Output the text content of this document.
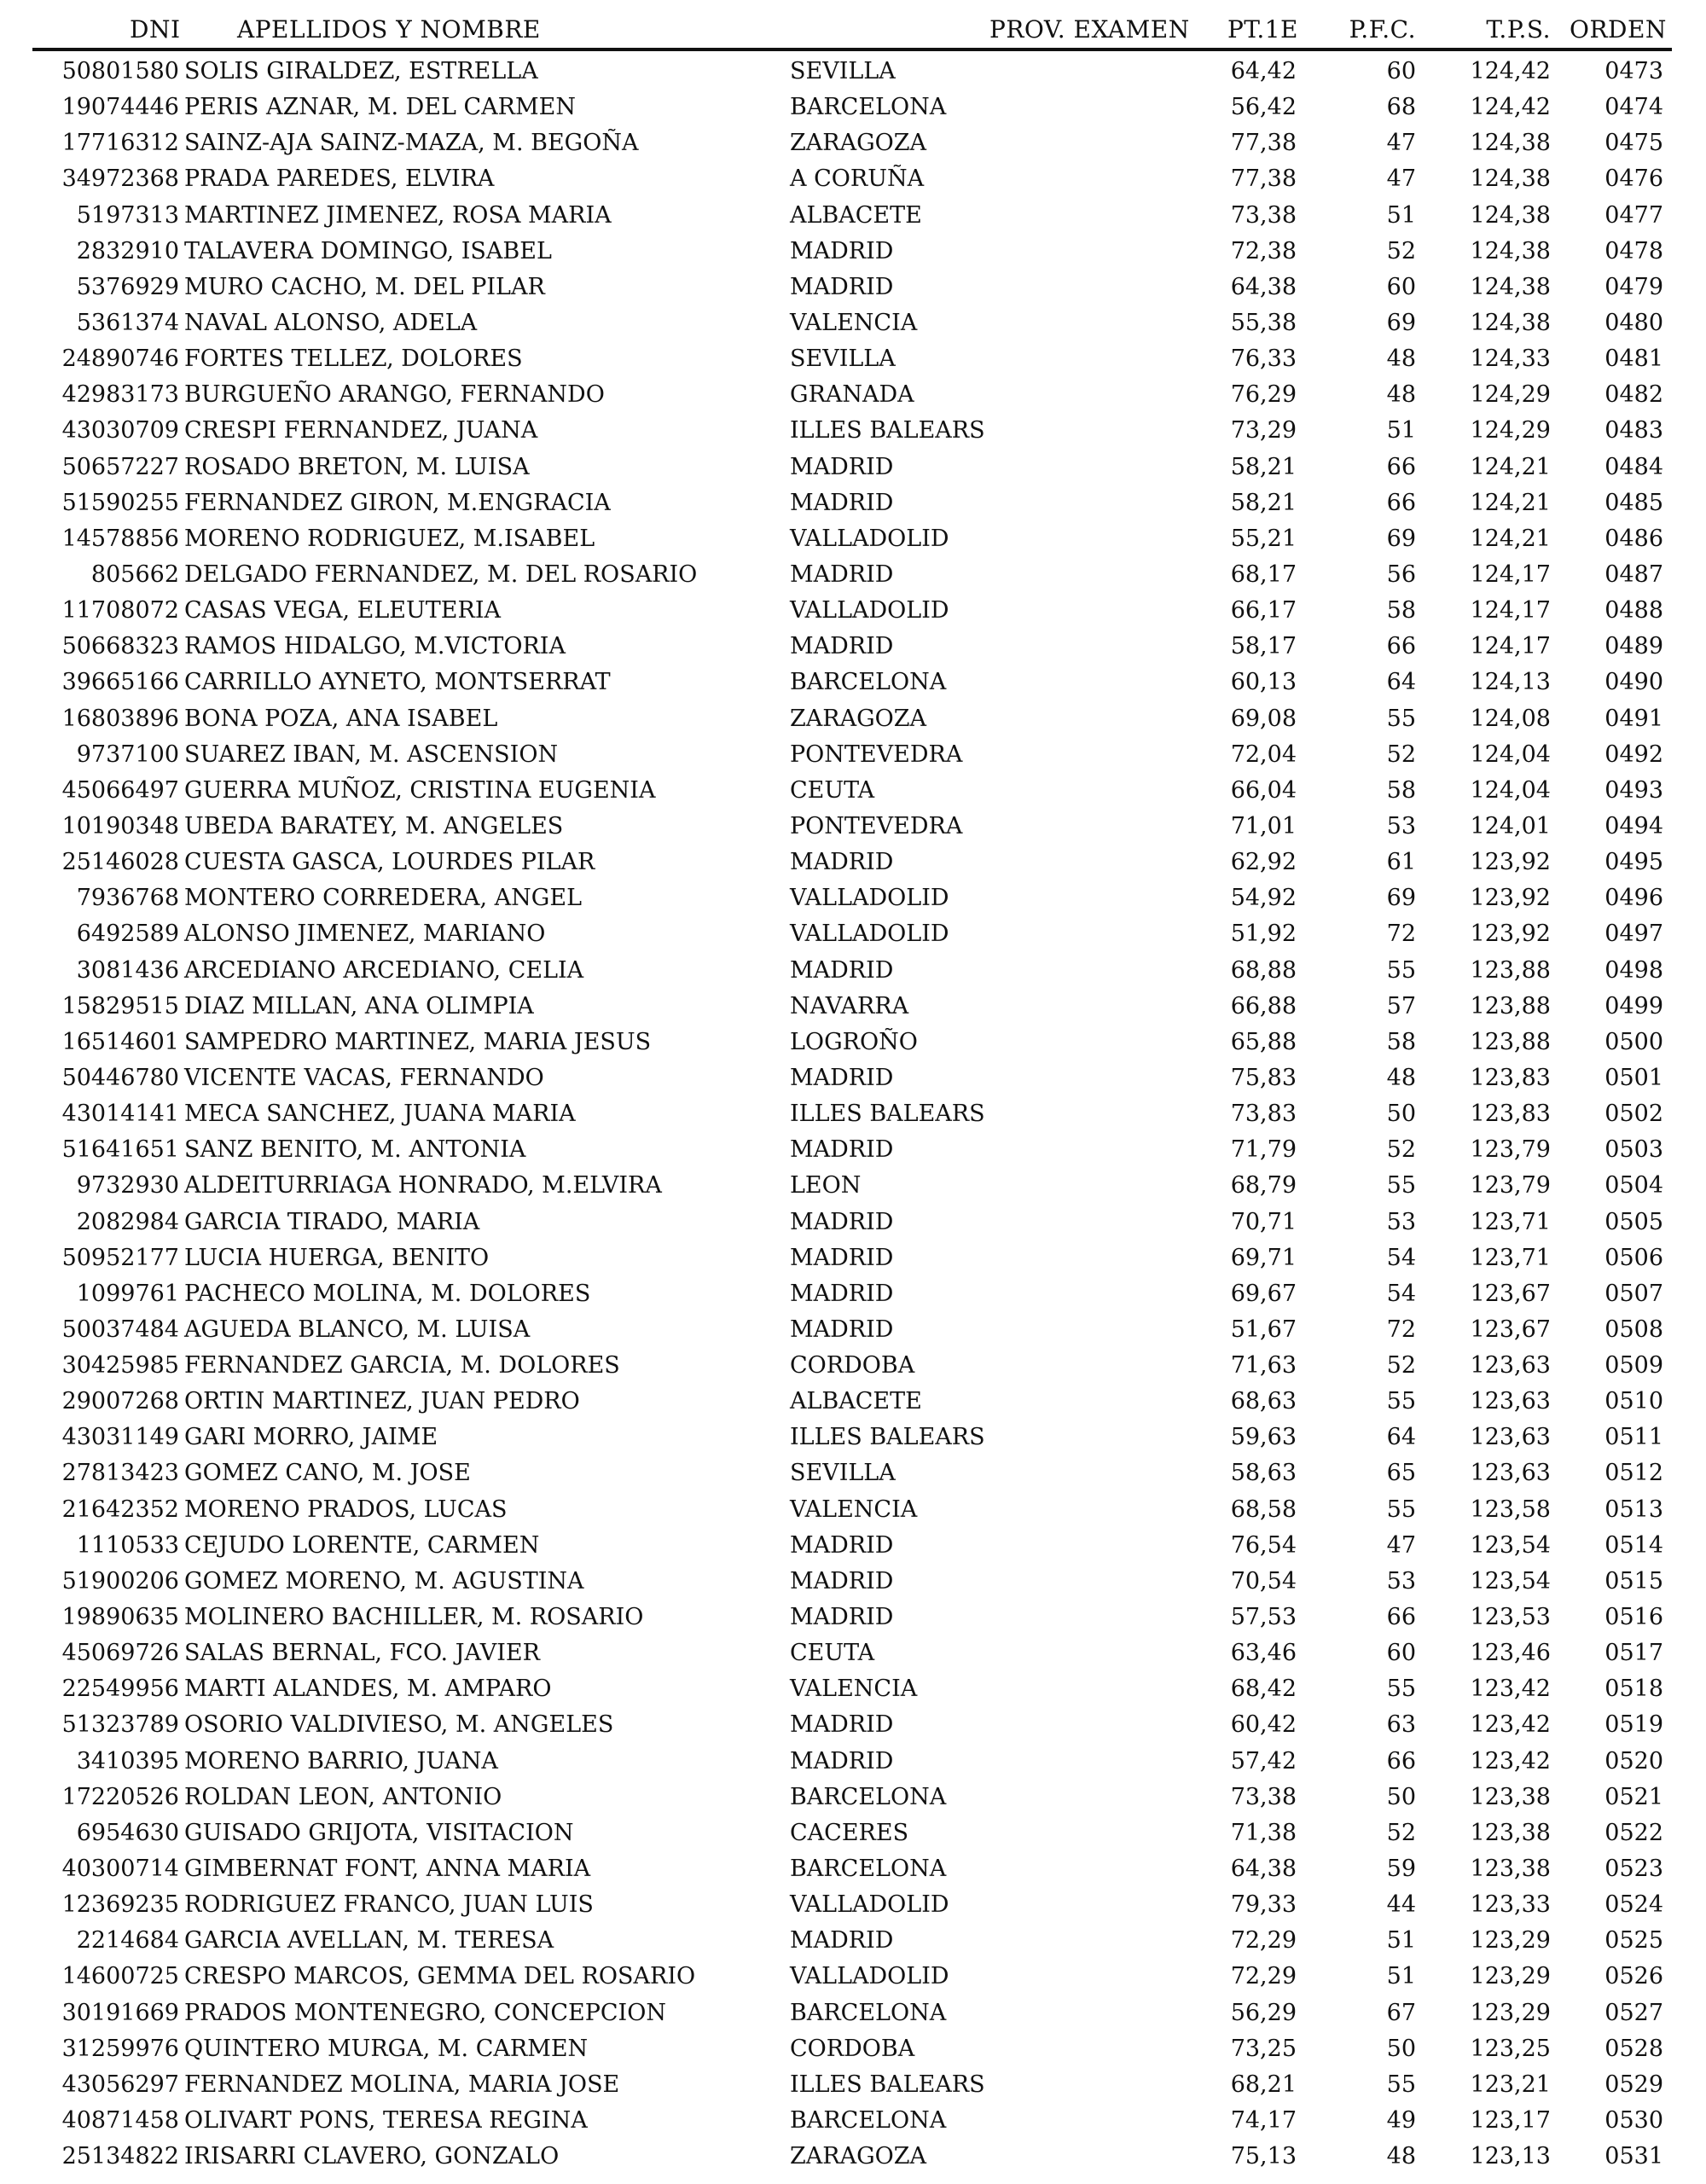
DNI APELLIDOS Y NOMBRE	PROV. EXAMEN PT.1E	P.F.C.	T.P.S. ORDEN
50801580 SOLIS GIRALDEZ, ESTRELLA	SEVILLA	64,42	60	124,42	0473
19074446 PERIS AZNAR, M. DEL CARMEN	BARCELONA	56,42	68	124,42	0474
17716312 SAINZ-AJA SAINZ-MAZA, M. BEGOÑA	ZARAGOZA	77,38	47	124,38	0475
34972368 PRADA PAREDES, ELVIRA	A CORUÑA	77,38	47	124,38	0476
5197313 MARTINEZ JIMENEZ, ROSA MARIA	ALBACETE	73,38	51	124,38	0477
2832910 TALAVERA DOMINGO, ISABEL	MADRID	72,38	52	124,38	0478
5376929 MURO CACHO, M. DEL PILAR	MADRID	64,38	60	124,38	0479
5361374 NAVAL ALONSO, ADELA	VALENCIA	55,38	69	124,38	0480
24890746 FORTES TELLEZ, DOLORES	SEVILLA	76,33	48	124,33	0481
42983173 BURGUEÑO ARANGO, FERNANDO	GRANADA	76,29	48	124,29	0482
43030709 CRESPI FERNANDEZ, JUANA	ILLES BALEARS	73,29	51	124,29	0483
50657227 ROSADO BRETON, M. LUISA	MADRID	58,21	66	124,21	0484
51590255 FERNANDEZ GIRON, M.ENGRACIA	MADRID	58,21	66	124,21	0485
14578856 MORENO RODRIGUEZ, M.ISABEL	VALLADOLID	55,21	69	124,21	0486
805662 DELGADO FERNANDEZ, M. DEL ROSARIO	MADRID	68,17	56	124,17	0487
11708072 CASAS VEGA, ELEUTERIA	VALLADOLID	66,17	58	124,17	0488
50668323 RAMOS HIDALGO, M.VICTORIA	MADRID	58,17	66	124,17	0489
39665166 CARRILLO AYNETO, MONTSERRAT	BARCELONA	60,13	64	124,13	0490
16803896 BONA POZA, ANA ISABEL	ZARAGOZA	69,08	55	124,08	0491
9737100 SUAREZ IBAN, M. ASCENSION	PONTEVEDRA	72,04	52	124,04	0492
45066497 GUERRA MUÑOZ, CRISTINA EUGENIA	CEUTA	66,04	58	124,04	0493
10190348 UBEDA BARATEY, M. ANGELES	PONTEVEDRA	71,01	53	124,01	0494
25146028 CUESTA GASCA, LOURDES PILAR	MADRID	62,92	61	123,92	0495
7936768 MONTERO CORREDERA, ANGEL	VALLADOLID	54,92	69	123,92	0496
6492589 ALONSO JIMENEZ, MARIANO	VALLADOLID	51,92	72	123,92	0497
3081436 ARCEDIANO ARCEDIANO, CELIA	MADRID	68,88	55	123,88	0498
15829515 DIAZ MILLAN, ANA OLIMPIA	NAVARRA	66,88	57	123,88	0499
16514601 SAMPEDRO MARTINEZ, MARIA JESUS	LOGROÑO	65,88	58	123,88	0500
50446780 VICENTE VACAS, FERNANDO	MADRID	75,83	48	123,83	0501
43014141 MECA SANCHEZ, JUANA MARIA	ILLES BALEARS	73,83	50	123,83	0502
51641651 SANZ BENITO, M. ANTONIA	MADRID	71,79	52	123,79	0503
9732930 ALDEITURRIAGA HONRADO, M.ELVIRA	LEON	68,79	55	123,79	0504
2082984 GARCIA TIRADO, MARIA	MADRID	70,71	53	123,71	0505
50952177 LUCIA HUERGA, BENITO	MADRID	69,71	54	123,71	0506
1099761 PACHECO MOLINA, M. DOLORES	MADRID	69,67	54	123,67	0507
50037484 AGUEDA BLANCO, M. LUISA	MADRID	51,67	72	123,67	0508
30425985 FERNANDEZ GARCIA, M. DOLORES	CORDOBA	71,63	52	123,63	0509
29007268 ORTIN MARTINEZ, JUAN PEDRO	ALBACETE	68,63	55	123,63	0510
43031149 GARI MORRO, JAIME	ILLES BALEARS	59,63	64	123,63	0511
27813423 GOMEZ CANO, M. JOSE	SEVILLA	58,63	65	123,63	0512
21642352 MORENO PRADOS, LUCAS	VALENCIA	68,58	55	123,58	0513
1110533 CEJUDO LORENTE, CARMEN	MADRID	76,54	47	123,54	0514
51900206 GOMEZ MORENO, M. AGUSTINA	MADRID	70,54	53	123,54	0515
19890635 MOLINERO BACHILLER, M. ROSARIO	MADRID	57,53	66	123,53	0516
45069726 SALAS BERNAL, FCO. JAVIER	CEUTA	63,46	60	123,46	0517
22549956 MARTI ALANDES, M. AMPARO	VALENCIA	68,42	55	123,42	0518
51323789 OSORIO VALDIVIESO, M. ANGELES	MADRID	60,42	63	123,42	0519
3410395 MORENO BARRIO, JUANA	MADRID	57,42	66	123,42	0520
17220526 ROLDAN LEON, ANTONIO	BARCELONA	73,38	50	123,38	0521
6954630 GUISADO GRIJOTA, VISITACION	CACERES	71,38	52	123,38	0522
40300714 GIMBERNAT FONT, ANNA MARIA	BARCELONA	64,38	59	123,38	0523
12369235 RODRIGUEZ FRANCO, JUAN LUIS	VALLADOLID	79,33	44	123,33	0524
2214684 GARCIA AVELLAN, M. TERESA	MADRID	72,29	51	123,29	0525
14600725 CRESPO MARCOS, GEMMA DEL ROSARIO	VALLADOLID	72,29	51	123,29	0526
30191669 PRADOS MONTENEGRO, CONCEPCION	BARCELONA	56,29	67	123,29	0527
31259976 QUINTERO MURGA, M. CARMEN	CORDOBA	73,25	50	123,25	0528
43056297 FERNANDEZ MOLINA, MARIA JOSE	ILLES BALEARS	68,21	55	123,21	0529
40871458 OLIVART PONS, TERESA REGINA	BARCELONA	74,17	49	123,17	0530
25134822 IRISARRI CLAVERO, GONZALO	ZARAGOZA	75,13	48	123,13	0531
